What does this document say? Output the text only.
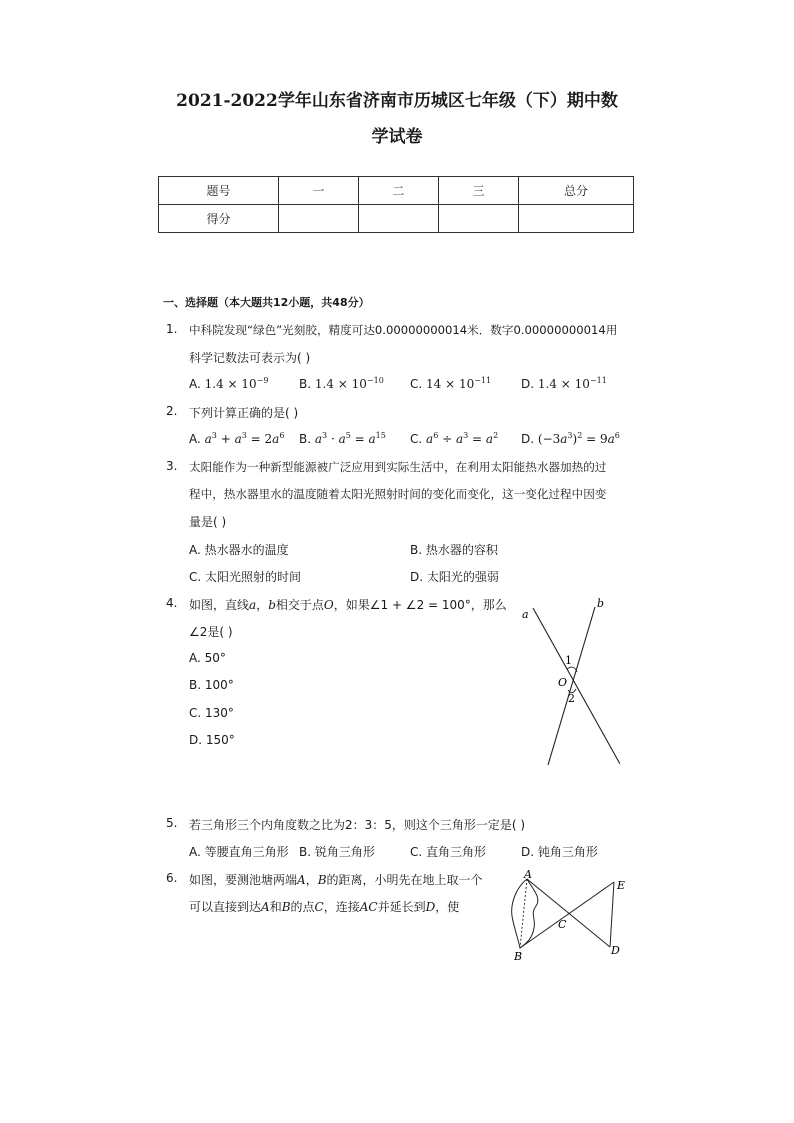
2021-2022学年山东省济南市历城区七年级（下）期中数
学试卷
题号	一	二	三	总分
得分				
一、选择题（本大题共12小题，共48分）
1. 中科院发现“绿色”光刻胶，精度可达0.00000000014米．数字0.00000000014用
科学记数法可表示为( )
A. $1.4 \times 10^{-9}$	B. $1.4 \times 10^{-10}$ C. $14 \times 10^{-11}$ D. $1.4 \times 10^{-11}$
2. 下列计算正确的是( )
A. $a^3 + a^3 = 2a^6$ B. $a^3 \cdot a^5 = a^{15}$ C. $a^6 \div a^3 = a^2$ D. $(-3a^3)^2 = 9a^6$
3. 太阳能作为一种新型能源被广泛应用到实际生活中，在利用太阳能热水器加热的过
程中，热水器里水的温度随着太阳光照射时间的变化而变化，这一变化过程中因变
量是( )
A. 热水器水的温度	B. 热水器的容积
C. 太阳光照射的时间	D. 太阳光的强弱
4. 如图，直线a，b相交于点O，如果∠1 + ∠2 = 100°，那么
∠2是( )
A. 50°
B. 100°
C. 130°
D. 150°
a
b
1
O
2
5. 若三角形三个内角度数之比为2：3：5，则这个三角形一定是( )
A. 等腰直角三角形 B. 锐角三角形	C. 直角三角形	D. 钝角三角形
6. 如图，要测池塘两端A，B的距离，小明先在地上取一个
可以直接到达A和B的点C，连接AC并延长到D，使
A
B
C
D
E
